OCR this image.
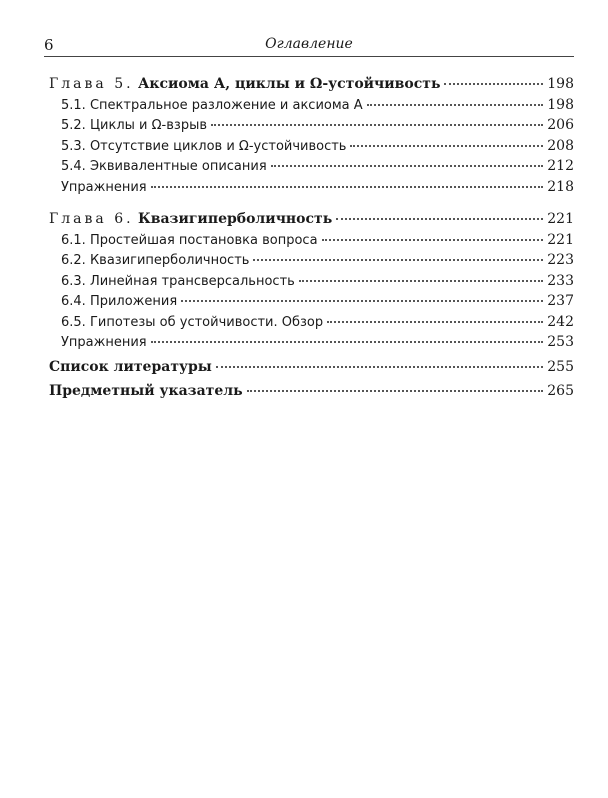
6	Оглавление
Глава 5. Аксиома А, циклы и Ω-устойчивость	198
5.1. Спектральное разложение и аксиома А	198
5.2. Циклы и Ω-взрыв	206
5.3. Отсутствие циклов и Ω-устойчивость	208
5.4. Эквивалентные описания	212
Упражнения	218
Глава 6. Квазигиперболичность	221
6.1. Простейшая постановка вопроса	221
6.2. Квазигиперболичность	223
6.3. Линейная трансверсальность	233
6.4. Приложения	237
6.5. Гипотезы об устойчивости. Обзор	242
Упражнения	253
Список литературы	255
Предметный указатель	265
